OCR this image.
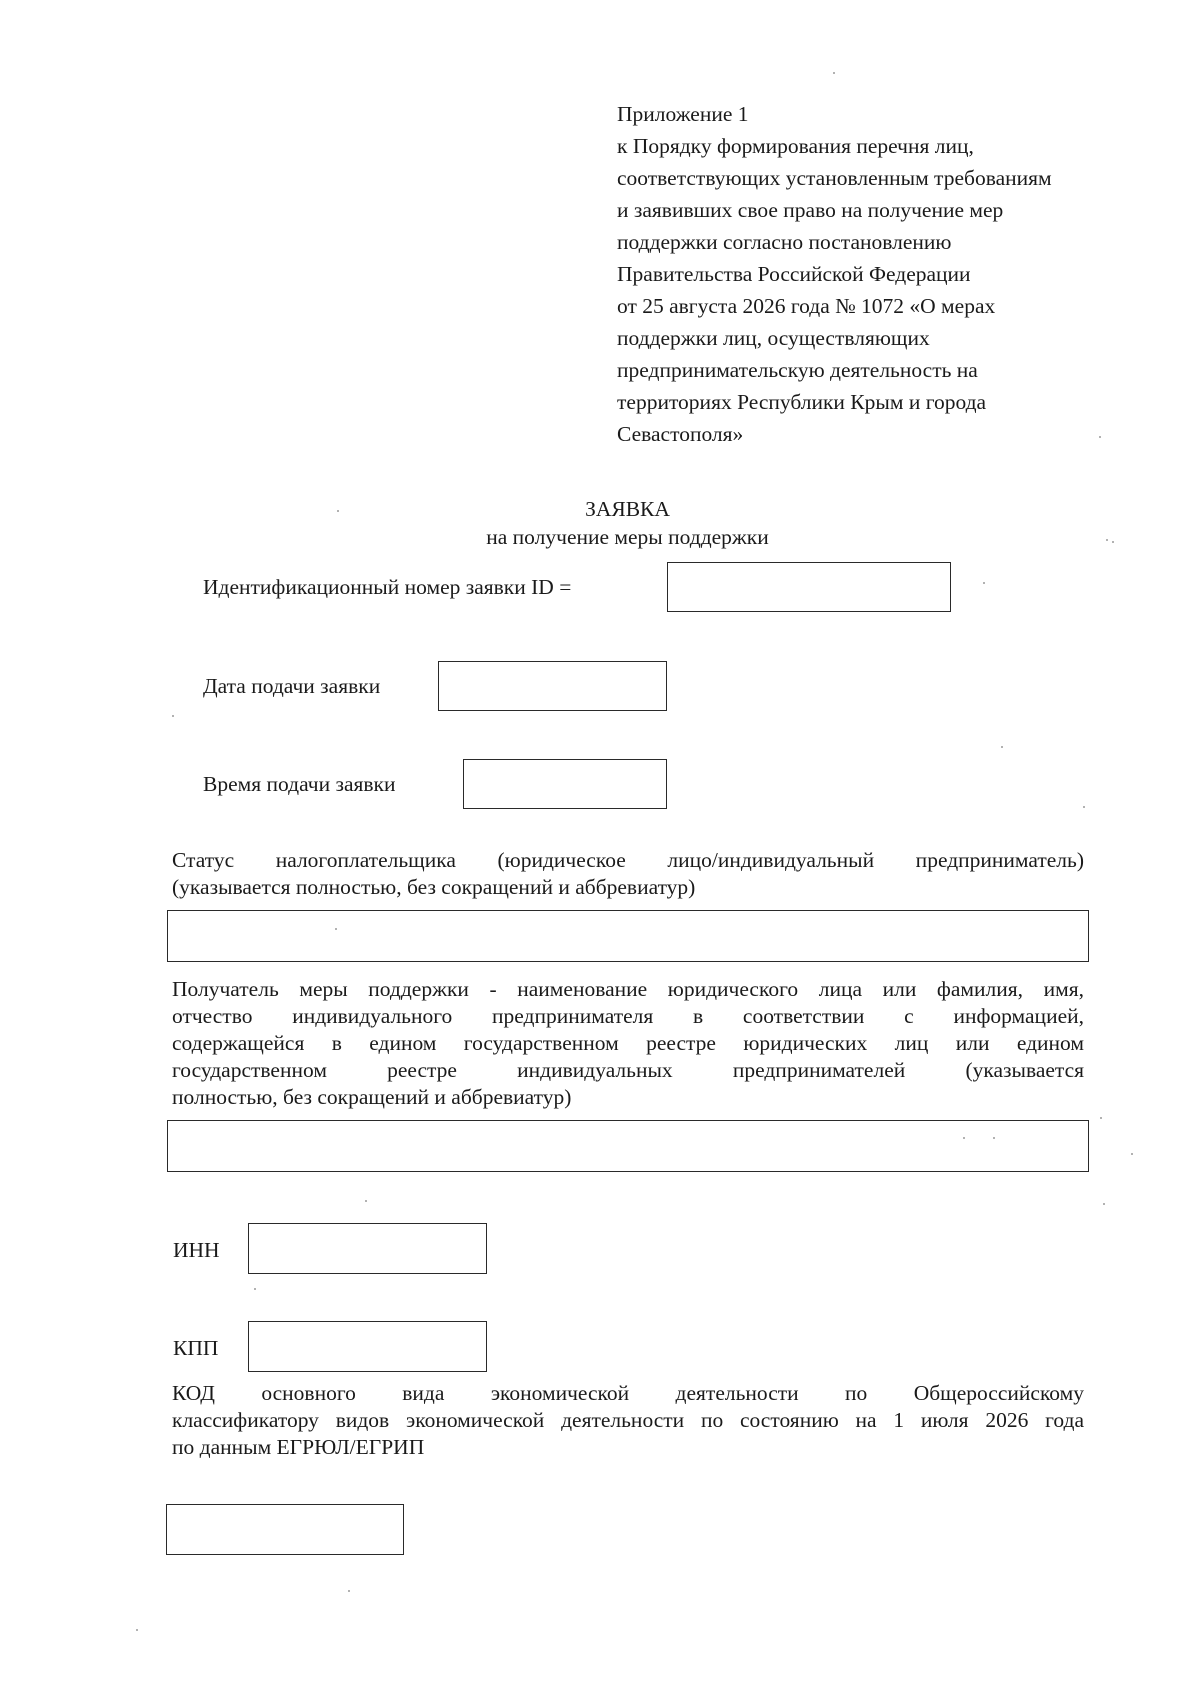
Приложение 1
к Порядку формирования перечня лиц,
соответствующих установленным требованиям
и заявивших свое право на получение мер
поддержки согласно постановлению
Правительства Российской Федерации
от 25 августа 2026 года № 1072 «О мерах
поддержки лиц, осуществляющих
предпринимательскую деятельность на
территориях Республики Крым и города
Севастополя»
ЗАЯВКА
на получение меры поддержки
Идентификационный номер заявки ID =
Дата подачи заявки
Время подачи заявки
Статус налогоплательщика (юридическое лицо/индивидуальный предприниматель)
(указывается полностью, без сокращений и аббревиатур)
Получатель меры поддержки - наименование юридического лица или фамилия, имя,
отчество индивидуального предпринимателя в соответствии с информацией,
содержащейся в едином государственном реестре юридических лиц или едином
государственном реестре индивидуальных предпринимателей (указывается
полностью, без сокращений и аббревиатур)
ИНН
КПП
КОД основного вида экономической деятельности по Общероссийскому
классификатору видов экономической деятельности по состоянию на 1 июля 2026 года
по данным ЕГРЮЛ/ЕГРИП
